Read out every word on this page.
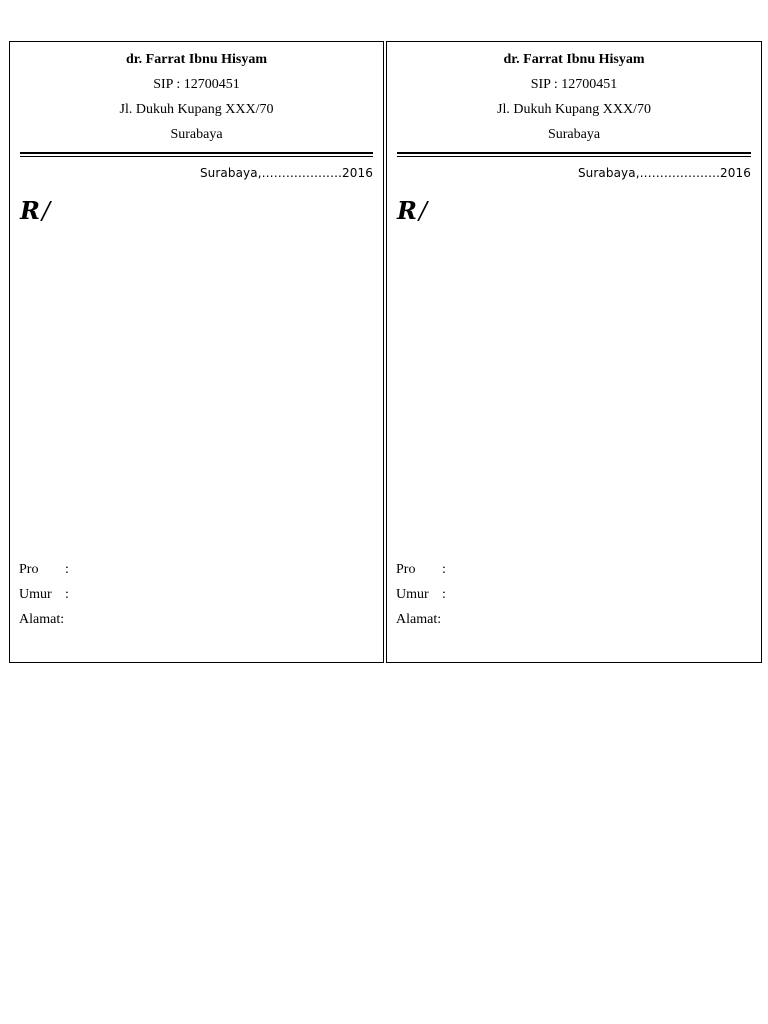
dr. Farrat Ibnu Hisyam
SIP : 12700451
Jl. Dukuh Kupang XXX/70
Surabaya
Surabaya,……………..…2016
R/
Pro	:
Umur :
Alamat:
dr. Farrat Ibnu Hisyam
SIP : 12700451
Jl. Dukuh Kupang XXX/70
Surabaya
Surabaya,……………..…2016
R/
Pro	:
Umur :
Alamat:
